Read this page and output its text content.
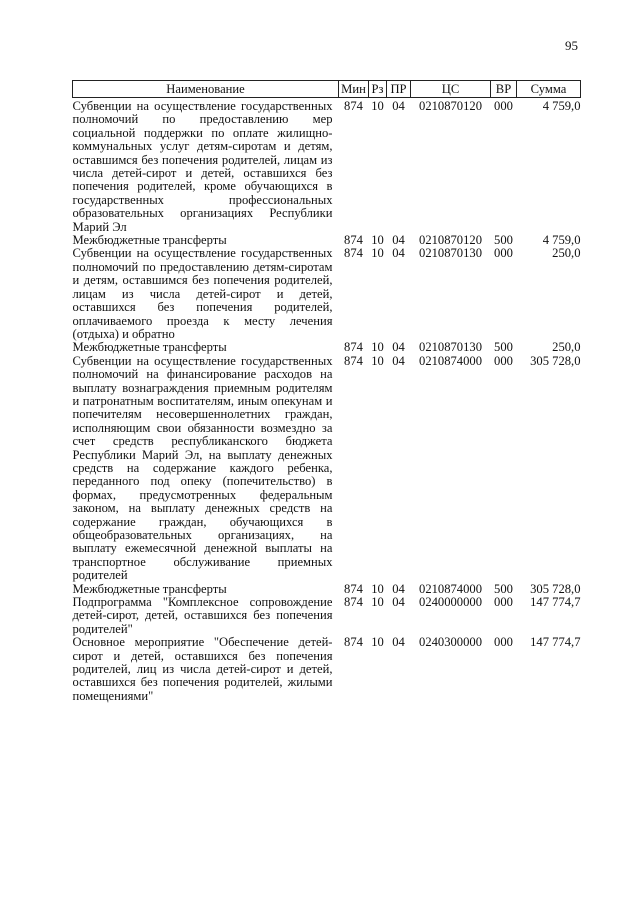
95
Наименование	Мин	Рз	ПР	ЦС	ВР	Сумма
Субвенции на осуществление государственных полномочий по предоставлению мер социальной поддержки по оплате жилищно-коммунальных услуг детям-сиротам и детям, оставшимся без попечения родителей, лицам из числа детей-сирот и детей, оставшихся без попечения родителей, кроме обучающихся в государственных профессиональных образовательных организациях Республики Марий Эл	874	10	04	0210870120	000	4 759,0
Межбюджетные трансферты	874	10	04	0210870120	500	4 759,0
Субвенции на осуществление государственных полномочий по предоставлению детям-сиротам и детям, оставшимся без попечения родителей, лицам из числа детей-сирот и детей, оставшихся без попечения родителей, оплачиваемого проезда к месту лечения (отдыха) и обратно	874	10	04	0210870130	000	250,0
Межбюджетные трансферты	874	10	04	0210870130	500	250,0
Субвенции на осуществление государственных полномочий на финансирование расходов на выплату вознаграждения приемным родителям и патронатным воспитателям, иным опекунам и попечителям несовершеннолетних граждан, исполняющим свои обязанности возмездно за счет средств республиканского бюджета Республики Марий Эл, на выплату денежных средств на содержание каждого ребенка, переданного под опеку (попечительство) в формах, предусмотренных федеральным законом, на выплату денежных средств на содержание граждан, обучающихся в общеобразовательных организациях, на выплату ежемесячной денежной выплаты на транспортное обслуживание приемных родителей	874	10	04	0210874000	000	305 728,0
Межбюджетные трансферты	874	10	04	0210874000	500	305 728,0
Подпрограмма "Комплексное сопровождение детей-сирот, детей, оставшихся без попечения родителей"	874	10	04	0240000000	000	147 774,7
Основное мероприятие "Обеспечение детей-сирот и детей, оставшихся без попечения родителей, лиц из числа детей-сирот и детей, оставшихся без попечения родителей, жилыми помещениями"	874	10	04	0240300000	000	147 774,7
